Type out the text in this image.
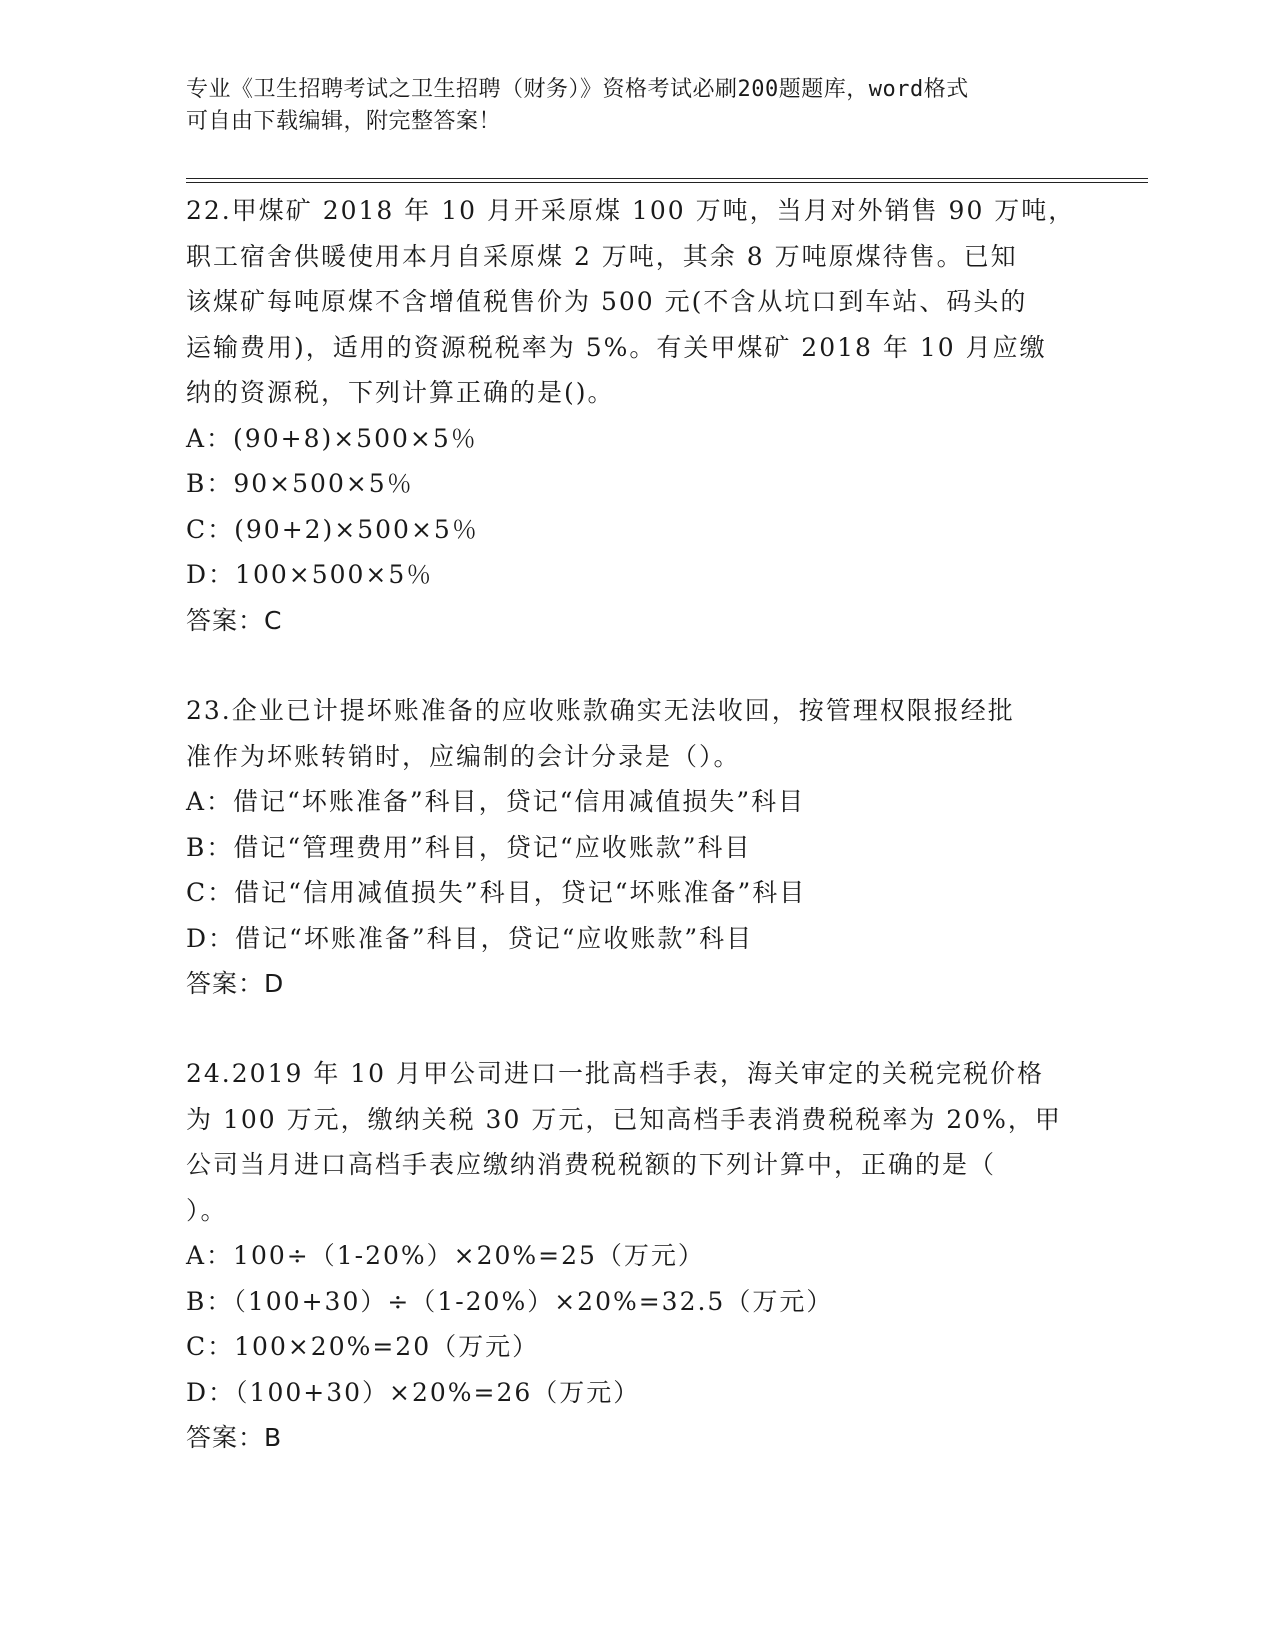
专业《卫生招聘考试之卫生招聘（财务）》资格考试必刷200题题库，word格式
可自由下载编辑，附完整答案！

22.甲煤矿 2018 年 10 月开采原煤 100 万吨，当月对外销售 90 万吨，

职工宿舍供暖使用本月自采原煤 2 万吨，其余 8 万吨原煤待售。已知

该煤矿每吨原煤不含增值税售价为 500 元(不含从坑口到车站、码头的

运输费用)，适用的资源税税率为 5%。有关甲煤矿 2018 年 10 月应缴

纳的资源税，下列计算正确的是()。

A：(90+8)×500×5％

B：90×500×5％

C：(90+2)×500×5％

D：100×500×5％

答案：C

23.企业已计提坏账准备的应收账款确实无法收回，按管理权限报经批

准作为坏账转销时，应编制的会计分录是（）。

A：借记“坏账准备”科目，贷记“信用减值损失”科目

B：借记“管理费用”科目，贷记“应收账款”科目

C：借记“信用减值损失”科目，贷记“坏账准备”科目

D：借记“坏账准备”科目，贷记“应收账款”科目

答案：D

24.2019 年 10 月甲公司进口一批高档手表，海关审定的关税完税价格

为 100 万元，缴纳关税 30 万元，已知高档手表消费税税率为 20%，甲

公司当月进口高档手表应缴纳消费税税额的下列计算中，正确的是（

）。

A：100÷（1-20%）×20%=25（万元）

B：（100+30）÷（1-20%）×20%=32.5（万元）

C：100×20%=20（万元）

D：（100+30）×20%=26（万元）

答案：B
